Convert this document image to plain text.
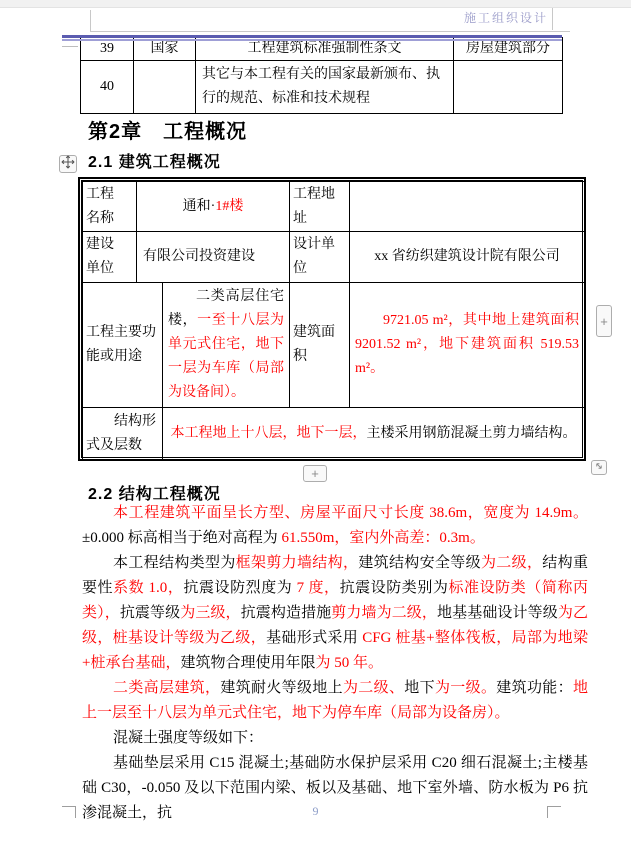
施工组织设计
39	国家	工程建筑标准强制性条文	房屋建筑部分
40		其它与本工程有关的国家最新颁布、执行的规范、标准和技术规程	
第2章　工程概况
2.1 建筑工程概况
工程名称	通和·1#楼		工程地址	
建设单位	有限公司投资建设		设计单位	xx 省纺织建筑设计院有限公司
工程主要功能或用途		二类高层住宅楼，一至十八层为单元式住宅，地下一层为车库（局部为设备间）。	建筑面积	9721.05 m²，其中地上建筑面积9201.52 m²，地下建筑面积 519.53 m²。
结构形式及层数		本工程地上十八层，地下一层，主楼采用钢筋混凝土剪力墙结构。		
+
+
2.2 结构工程概况

本工程建筑平面呈长方型、房屋平面尺寸长度 38.6m，宽度为 14.9m。±0.000 标高相当于绝对高程为 61.550m，室内外高差：0.3m。

本工程结构类型为框架剪力墙结构，建筑结构安全等级为二级，结构重要性系数 1.0，抗震设防烈度为 7 度，抗震设防类别为标准设防类（简称丙类），抗震等级为三级，抗震构造措施剪力墙为二级，地基基础设计等级为乙级，桩基设计等级为乙级，基础形式采用 CFG 桩基+整体筏板，局部为地梁+桩承台基础，建筑物合理使用年限为 50 年。

二类高层建筑，建筑耐火等级地上为二级、地下为一级。建筑功能：地上一层至十八层为单元式住宅，地下为停车库（局部为设备房）。

混凝土强度等级如下：

基础垫层采用 C15 混凝土;基础防水保护层采用 C20 细石混凝土;主楼基础 C30，-0.050 及以下范围内梁、板以及基础、地下室外墙、防水板为 P6 抗渗混凝土，抗	9
